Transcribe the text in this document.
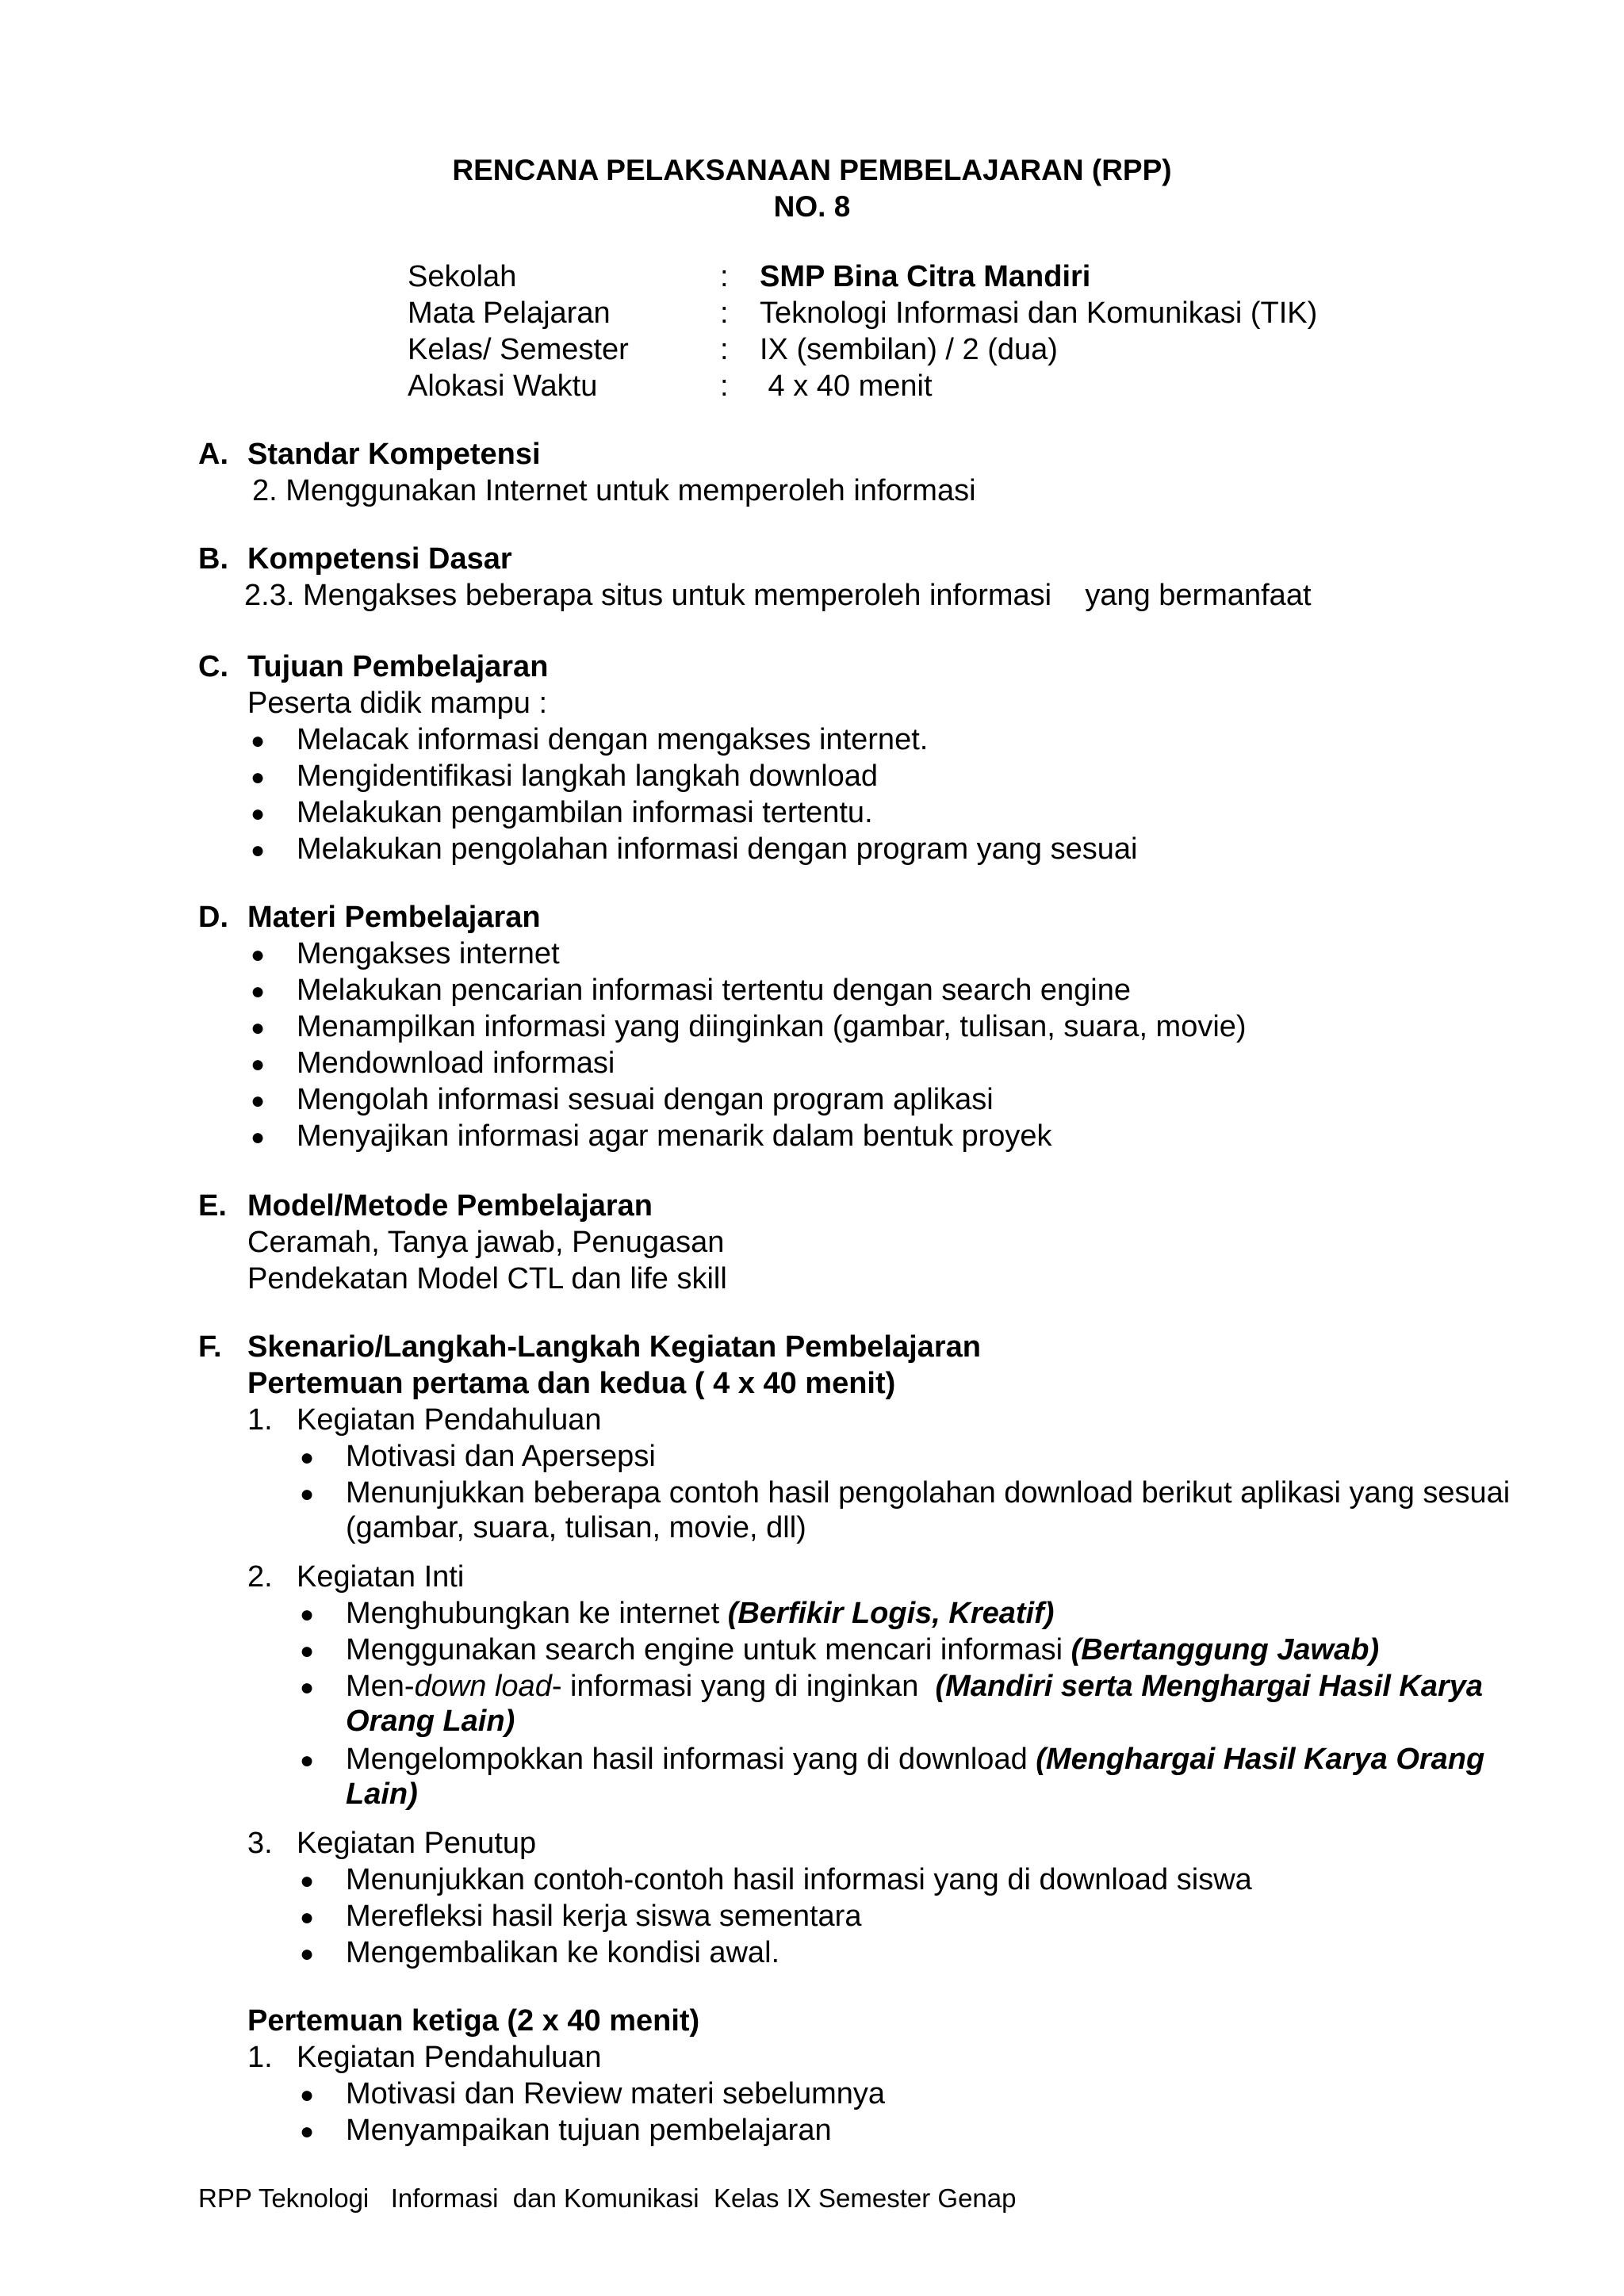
RENCANA PELAKSANAAN PEMBELAJARAN (RPP)
NO. 8
Sekolah	: SMP Bina Citra Mandiri
Mata Pelajaran	: Teknologi Informasi dan Komunikasi (TIK)
Kelas/ Semester	: IX (sembilan) / 2 (dua)
Alokasi Waktu	: 4 x 40 menit
A. Standar Kompetensi
2. Menggunakan Internet untuk memperoleh informasi
B. Kompetensi Dasar
2.3. Mengakses beberapa situs untuk memperoleh informasi    yang bermanfaat
C. Tujuan Pembelajaran
Peserta didik mampu :
● Melacak informasi dengan mengakses internet.
● Mengidentifikasi langkah langkah download
● Melakukan pengambilan informasi tertentu.
● Melakukan pengolahan informasi dengan program yang sesuai
D. Materi Pembelajaran
● Mengakses internet
● Melakukan pencarian informasi tertentu dengan search engine
● Menampilkan informasi yang diinginkan (gambar, tulisan, suara, movie)
● Mendownload informasi
● Mengolah informasi sesuai dengan program aplikasi
● Menyajikan informasi agar menarik dalam bentuk proyek
E. Model/Metode Pembelajaran
Ceramah, Tanya jawab, Penugasan
Pendekatan Model CTL dan life skill
F. Skenario/Langkah-Langkah Kegiatan Pembelajaran
Pertemuan pertama dan kedua ( 4 x 40 menit)
1. Kegiatan Pendahuluan
● Motivasi dan Apersepsi
● Menunjukkan beberapa contoh hasil pengolahan download berikut aplikasi yang sesuai
(gambar, suara, tulisan, movie, dll)
2. Kegiatan Inti
● Menghubungkan ke internet (Berfikir Logis, Kreatif)
● Menggunakan search engine untuk mencari informasi (Bertanggung Jawab)
● Men-down load- informasi yang di inginkan  (Mandiri serta Menghargai Hasil Karya
Orang Lain)
● Mengelompokkan hasil informasi yang di download (Menghargai Hasil Karya Orang
Lain)
3. Kegiatan Penutup
● Menunjukkan contoh-contoh hasil informasi yang di download siswa
● Merefleksi hasil kerja siswa sementara
● Mengembalikan ke kondisi awal.
Pertemuan ketiga (2 x 40 menit)
1. Kegiatan Pendahuluan
● Motivasi dan Review materi sebelumnya
● Menyampaikan tujuan pembelajaran
RPP Teknologi   Informasi  dan Komunikasi  Kelas IX Semester Genap
